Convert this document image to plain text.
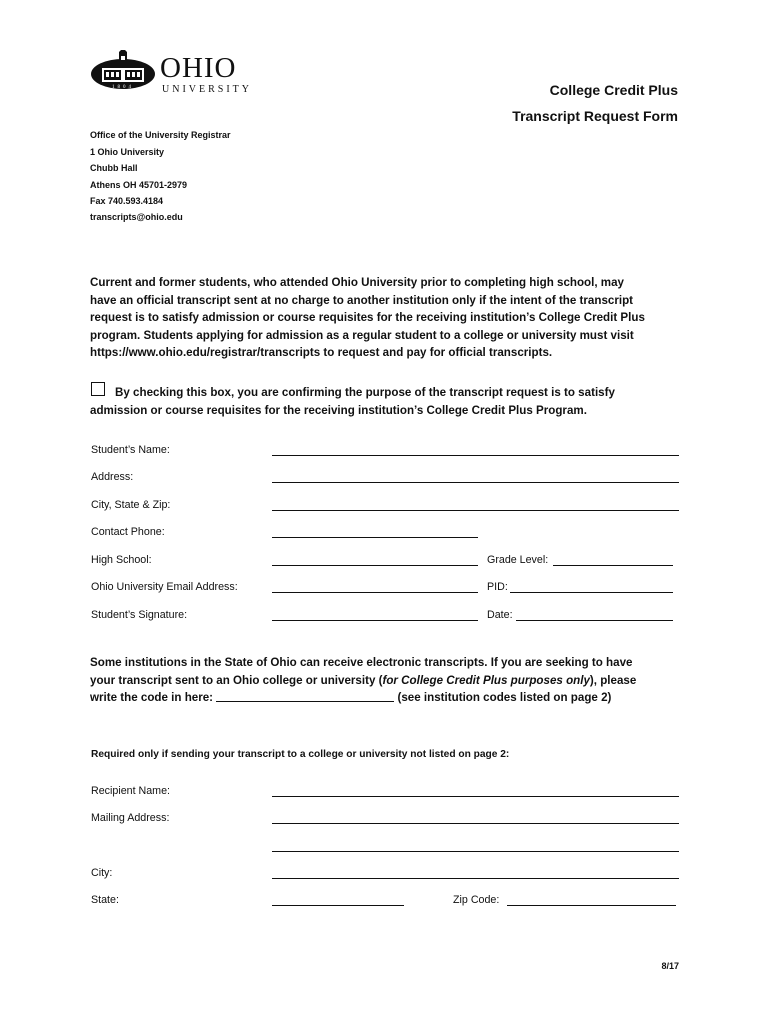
1804
OHIO
UNIVERSITY	College Credit Plus
Transcript Request Form
Office of the University Registrar
1 Ohio University
Chubb Hall
Athens OH 45701-2979
Fax 740.593.4184
transcripts@ohio.edu
Current and former students, who attended Ohio University prior to completing high school, may
have an official transcript sent at no charge to another institution only if the intent of the transcript
request is to satisfy admission or course requisites for the receiving institution’s College Credit Plus
program. Students applying for admission as a regular student to a college or university must visit
https://www.ohio.edu/registrar/transcripts to request and pay for official transcripts.
By checking this box, you are confirming the purpose of the transcript request is to satisfy
admission or course requisites for the receiving institution’s College Credit Plus Program.
Student’s Name:
Address:
City, State & Zip:
Contact Phone:
High School:	Grade Level:
Ohio University Email Address:	PID:
Student’s Signature:	Date:
Some institutions in the State of Ohio can receive electronic transcripts. If you are seeking to have
your transcript sent to an Ohio college or university (for College Credit Plus purposes only), please
write the code in here:	(see institution codes listed on page 2)
Required only if sending your transcript to a college or university not listed on page 2:
Recipient Name:
Mailing Address:
City:
State:	Zip Code:
8/17
